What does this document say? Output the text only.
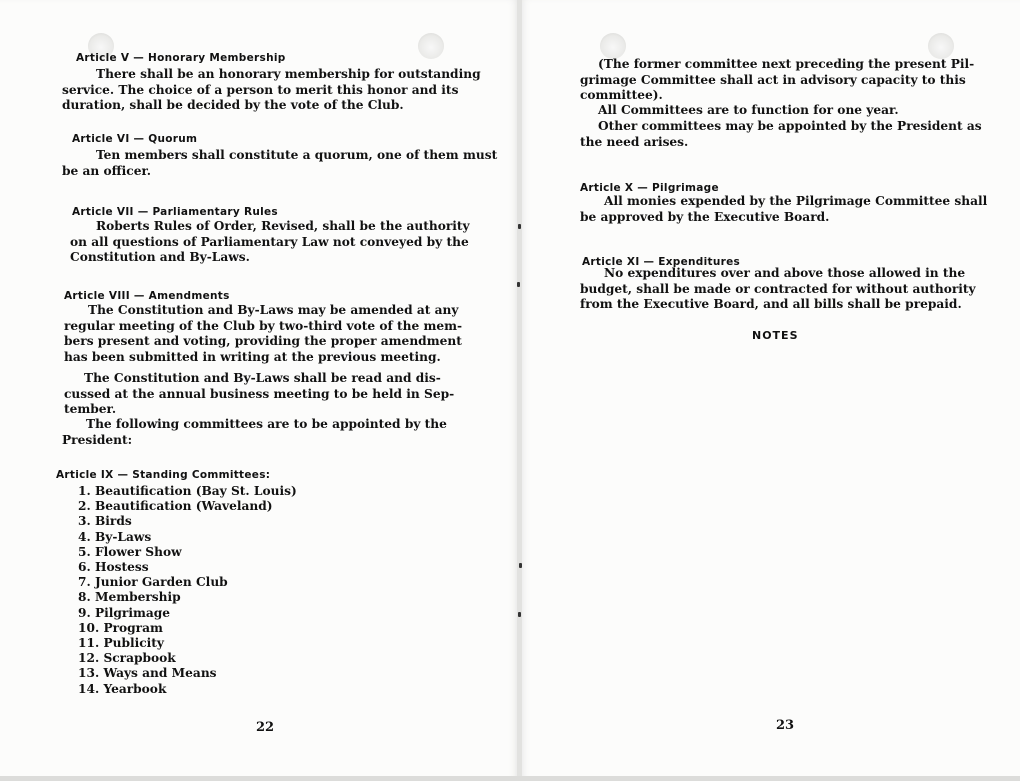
Article V — Honorary Membership
There shall be an honorary membership for outstanding
service. The choice of a person to merit this honor and its
duration, shall be decided by the vote of the Club.
Article VI — Quorum
Ten members shall constitute a quorum, one of them must
be an officer.
Article VII — Parliamentary Rules
Roberts Rules of Order, Revised, shall be the authority
on all questions of Parliamentary Law not conveyed by the
Constitution and By-Laws.
Article VIII — Amendments
The Constitution and By-Laws may be amended at any
regular meeting of the Club by two-third vote of the mem-
bers present and voting, providing the proper amendment
has been submitted in writing at the previous meeting.
The Constitution and By-Laws shall be read and dis-
cussed at the annual business meeting to be held in Sep-
tember.
The following committees are to be appointed by the
President:
Article IX — Standing Committees:
1. Beautification (Bay St. Louis)
2. Beautification (Waveland)
3. Birds
4. By-Laws
5. Flower Show
6. Hostess
7. Junior Garden Club
8. Membership
9. Pilgrimage
10. Program
11. Publicity
12. Scrapbook
13. Ways and Means
14. Yearbook
22
(The former committee next preceding the present Pil-
grimage Committee shall act in advisory capacity to this
committee).
All Committees are to function for one year.
Other committees may be appointed by the President as
the need arises.
Article X — Pilgrimage
All monies expended by the Pilgrimage Committee shall
be approved by the Executive Board.
Article XI — Expenditures
No expenditures over and above those allowed in the
budget, shall be made or contracted for without authority
from the Executive Board, and all bills shall be prepaid.
NOTES
23
